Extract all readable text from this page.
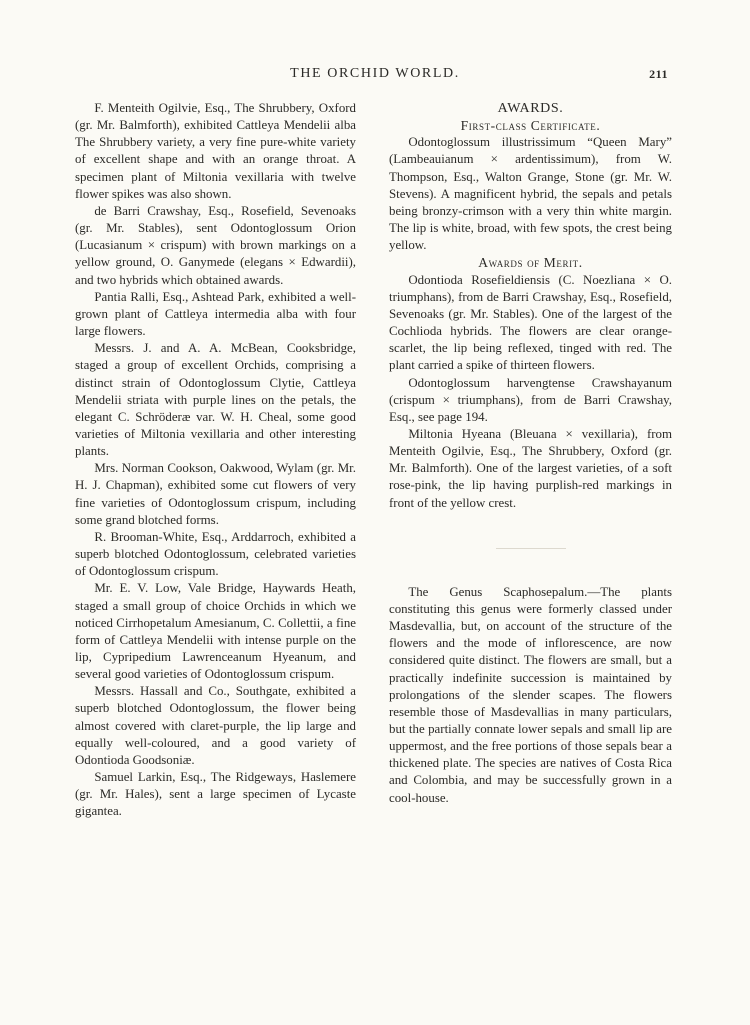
THE ORCHID WORLD.	211

F. Menteith Ogilvie, Esq., The Shrubbery, Oxford (gr. Mr. Balmforth), exhibited Cattleya Mendelii alba The Shrubbery variety, a very fine pure-white variety of excellent shape and with an orange throat. A specimen plant of Miltonia vexillaria with twelve flower spikes was also shown.

de Barri Crawshay, Esq., Rosefield, Sevenoaks (gr. Mr. Stables), sent Odontoglossum Orion (Lucasianum × crispum) with brown markings on a yellow ground, O. Ganymede (elegans × Edwardii), and two hybrids which obtained awards.

Pantia Ralli, Esq., Ashtead Park, exhibited a well-grown plant of Cattleya intermedia alba with four large flowers.

Messrs. J. and A. A. McBean, Cooksbridge, staged a group of excellent Orchids, comprising a distinct strain of Odontoglossum Clytie, Cattleya Mendelii striata with purple lines on the petals, the elegant C. Schröderæ var. W. H. Cheal, some good varieties of Miltonia vexillaria and other interesting plants.

Mrs. Norman Cookson, Oakwood, Wylam (gr. Mr. H. J. Chapman), exhibited some cut flowers of very fine varieties of Odontoglossum crispum, including some grand blotched forms.

R. Brooman-White, Esq., Arddarroch, exhibited a superb blotched Odontoglossum, celebrated varieties of Odontoglossum crispum.

Mr. E. V. Low, Vale Bridge, Haywards Heath, staged a small group of choice Orchids in which we noticed Cirrhopetalum Amesianum, C. Collettii, a fine form of Cattleya Mendelii with intense purple on the lip, Cypripedium Lawrenceanum Hyeanum, and several good varieties of Odontoglossum crispum.

Messrs. Hassall and Co., Southgate, exhibited a superb blotched Odontoglossum, the flower being almost covered with claret-purple, the lip large and equally well-coloured, and a good variety of Odontioda Goodsoniæ.

Samuel Larkin, Esq., The Ridgeways, Haslemere (gr. Mr. Hales), sent a large specimen of Lycaste gigantea.

AWARDS.

First-class Certificate.

Odontoglossum illustrissimum “Queen Mary” (Lambeauianum × ardentissimum), from W. Thompson, Esq., Walton Grange, Stone (gr. Mr. W. Stevens). A magnificent hybrid, the sepals and petals being bronzy-crimson with a very thin white margin. The lip is white, broad, with few spots, the crest being yellow.

Awards of Merit.

Odontioda Rosefieldiensis (C. Noezliana × O. triumphans), from de Barri Crawshay, Esq., Rosefield, Sevenoaks (gr. Mr. Stables). One of the largest of the Cochlioda hybrids. The flowers are clear orange-scarlet, the lip being reflexed, tinged with red. The plant carried a spike of thirteen flowers.

Odontoglossum harvengtense Crawshayanum (crispum × triumphans), from de Barri Crawshay, Esq., see page 194.

Miltonia Hyeana (Bleuana × vexillaria), from Menteith Ogilvie, Esq., The Shrubbery, Oxford (gr. Mr. Balmforth). One of the largest varieties, of a soft rose-pink, the lip having purplish-red markings in front of the yellow crest.

The Genus Scaphosepalum.—The plants constituting this genus were formerly classed under Masdevallia, but, on account of the structure of the flowers and the mode of inflorescence, are now considered quite distinct. The flowers are small, but a practically indefinite succession is maintained by prolongations of the slender scapes. The flowers resemble those of Masdevallias in many particulars, but the partially connate lower sepals and small lip are uppermost, and the free portions of those sepals bear a thickened plate. The species are natives of Costa Rica and Colombia, and may be successfully grown in a cool-house.
